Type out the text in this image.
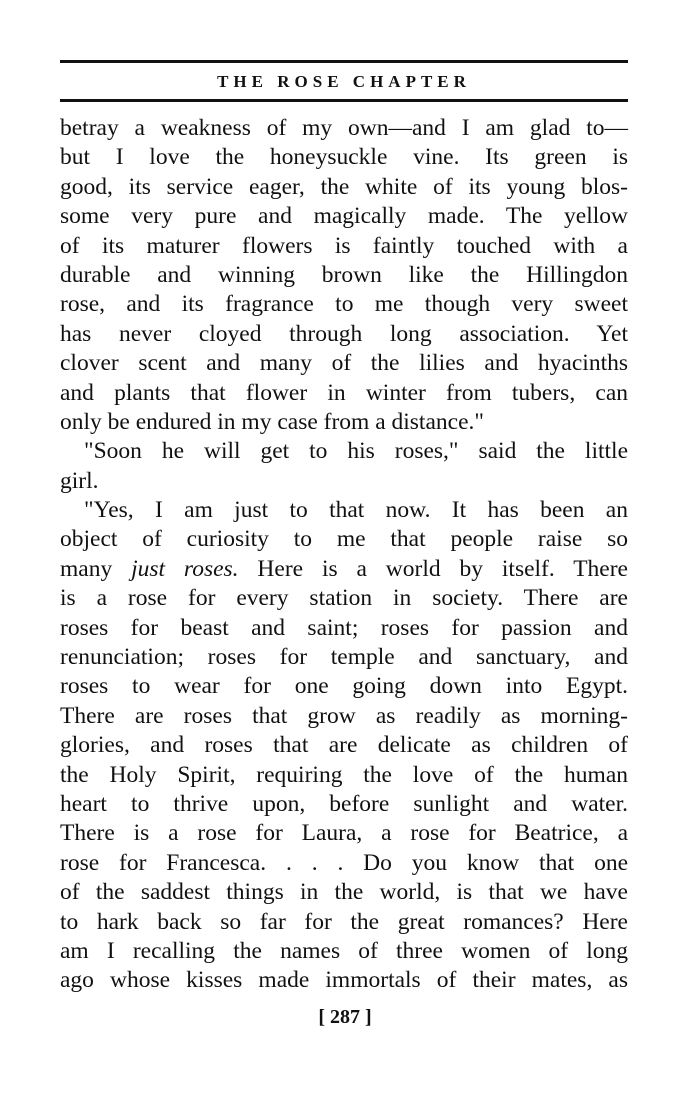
THE ROSE CHAPTER
betray a weakness of my own—and I am glad to—
but I love the honeysuckle vine. Its green is
good, its service eager, the white of its young blos-
some very pure and magically made. The yellow
of its maturer flowers is faintly touched with a
durable and winning brown like the Hillingdon
rose, and its fragrance to me though very sweet
has never cloyed through long association. Yet
clover scent and many of the lilies and hyacinths
and plants that flower in winter from tubers, can
only be endured in my case from a distance."
"Soon he will get to his roses," said the little
girl.
"Yes, I am just to that now. It has been an
object of curiosity to me that people raise so
many just roses. Here is a world by itself. There
is a rose for every station in society. There are
roses for beast and saint; roses for passion and
renunciation; roses for temple and sanctuary, and
roses to wear for one going down into Egypt.
There are roses that grow as readily as morning-
glories, and roses that are delicate as children of
the Holy Spirit, requiring the love of the human
heart to thrive upon, before sunlight and water.
There is a rose for Laura, a rose for Beatrice, a
rose for Francesca. . . . Do you know that one
of the saddest things in the world, is that we have
to hark back so far for the great romances? Here
am I recalling the names of three women of long
ago whose kisses made immortals of their mates, as
[ 287 ]
